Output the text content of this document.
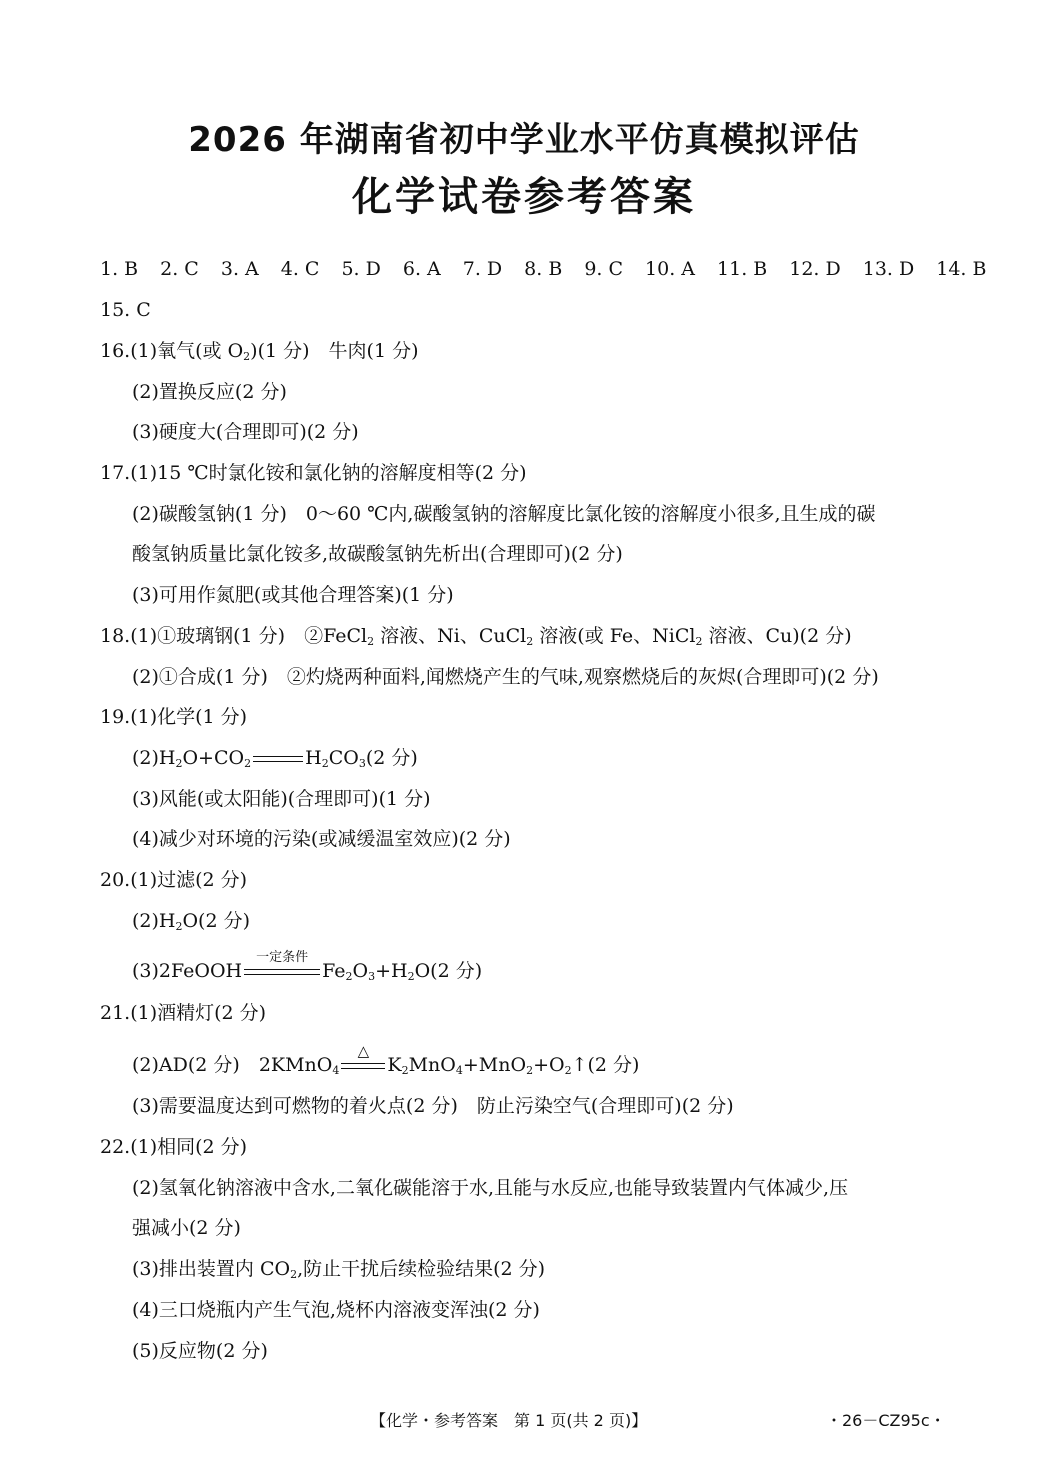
2026 年湖南省初中学业水平仿真模拟评估
化学试卷参考答案
1. B 2. C 3. A 4. C 5. D 6. A 7. D 8. B 9. C 10. A 11. B 12. D 13. D 14. B
15. C
16.(1)氧气(或 $O_2)(1$ 分)　牛肉(1 分)
(2)置换反应(2 分)
(3)硬度大(合理即可)(2 分)
17.(1)15 ℃时氯化铵和氯化钠的溶解度相等(2 分)
(2)碳酸氢钠(1 分)　0～60 ℃内,碳酸氢钠的溶解度比氯化铵的溶解度小很多,且生成的碳
酸氢钠质量比氯化铵多,故碳酸氢钠先析出(合理即可)(2 分)
(3)可用作氮肥(或其他合理答案)(1 分)
18.(1)①玻璃钢(1 分)　②FeCl$_2$ 溶液、Ni、CuCl$_2$ 溶液(或 Fe、NiCl$_2$ 溶液、Cu)(2 分)
(2)①合成(1 分)　②灼烧两种面料,闻燃烧产生的气味,观察燃烧后的灰烬(合理即可)(2 分)
19.(1)化学(1 分)
$(2)H_2O+CO_2$	$H_2CO_3(2$ 分)
(3)风能(或太阳能)(合理即可)(1 分)
(4)减少对环境的污染(或减缓温室效应)(2 分)
20.(1)过滤(2 分)
$(2)H_2O(2$ 分)
(3)2FeOOH
一定条件
$Fe_2O_3+H_2O(2$ 分)
21.(1)酒精灯(2 分)
(2)AD(2 分)　2KMnO$_4$
△
$K_2MnO_4+MnO_2+O_2↑(2$ 分)
(3)需要温度达到可燃物的着火点(2 分)　防止污染空气(合理即可)(2 分)
22.(1)相同(2 分)
(2)氢氧化钠溶液中含水,二氧化碳能溶于水,且能与水反应,也能导致装置内气体减少,压
强减小(2 分)
(3)排出装置内 $CO_2$,防止干扰后续检验结果(2 分)
(4)三口烧瓶内产生气泡,烧杯内溶液变浑浊(2 分)
(5)反应物(2 分)
【化学・参考答案　第 1 页(共 2 页)】	・26－CZ95c・
